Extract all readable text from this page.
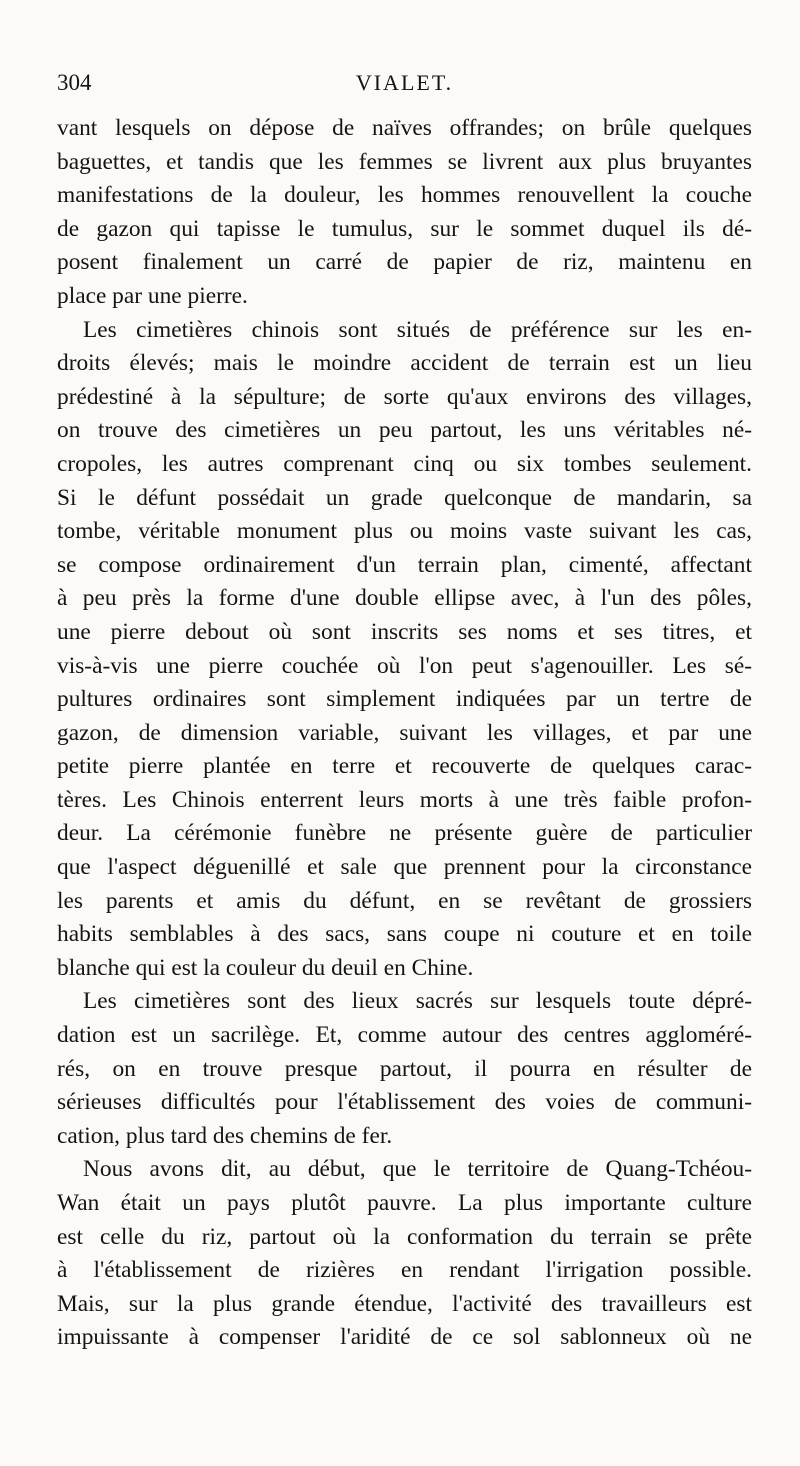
304	VIALET.
vant lesquels on dépose de naïves offrandes; on brûle quelques
baguettes, et tandis que les femmes se livrent aux plus bruyantes
manifestations de la douleur, les hommes renouvellent la couche
de gazon qui tapisse le tumulus, sur le sommet duquel ils dé-
posent finalement un carré de papier de riz, maintenu en
place par une pierre.
Les cimetières chinois sont situés de préférence sur les en-
droits élevés; mais le moindre accident de terrain est un lieu
prédestiné à la sépulture; de sorte qu'aux environs des villages,
on trouve des cimetières un peu partout, les uns véritables né-
cropoles, les autres comprenant cinq ou six tombes seulement.
Si le défunt possédait un grade quelconque de mandarin, sa
tombe, véritable monument plus ou moins vaste suivant les cas,
se compose ordinairement d'un terrain plan, cimenté, affectant
à peu près la forme d'une double ellipse avec, à l'un des pôles,
une pierre debout où sont inscrits ses noms et ses titres, et
vis-à-vis une pierre couchée où l'on peut s'agenouiller. Les sé-
pultures ordinaires sont simplement indiquées par un tertre de
gazon, de dimension variable, suivant les villages, et par une
petite pierre plantée en terre et recouverte de quelques carac-
tères. Les Chinois enterrent leurs morts à une très faible profon-
deur. La cérémonie funèbre ne présente guère de particulier
que l'aspect déguenillé et sale que prennent pour la circonstance
les parents et amis du défunt, en se revêtant de grossiers
habits semblables à des sacs, sans coupe ni couture et en toile
blanche qui est la couleur du deuil en Chine.
Les cimetières sont des lieux sacrés sur lesquels toute dépré-
dation est un sacrilège. Et, comme autour des centres aggloméré-
rés, on en trouve presque partout, il pourra en résulter de
sérieuses difficultés pour l'établissement des voies de communi-
cation, plus tard des chemins de fer.
Nous avons dit, au début, que le territoire de Quang-Tchéou-
Wan était un pays plutôt pauvre. La plus importante culture
est celle du riz, partout où la conformation du terrain se prête
à l'établissement de rizières en rendant l'irrigation possible.
Mais, sur la plus grande étendue, l'activité des travailleurs est
impuissante à compenser l'aridité de ce sol sablonneux où ne
